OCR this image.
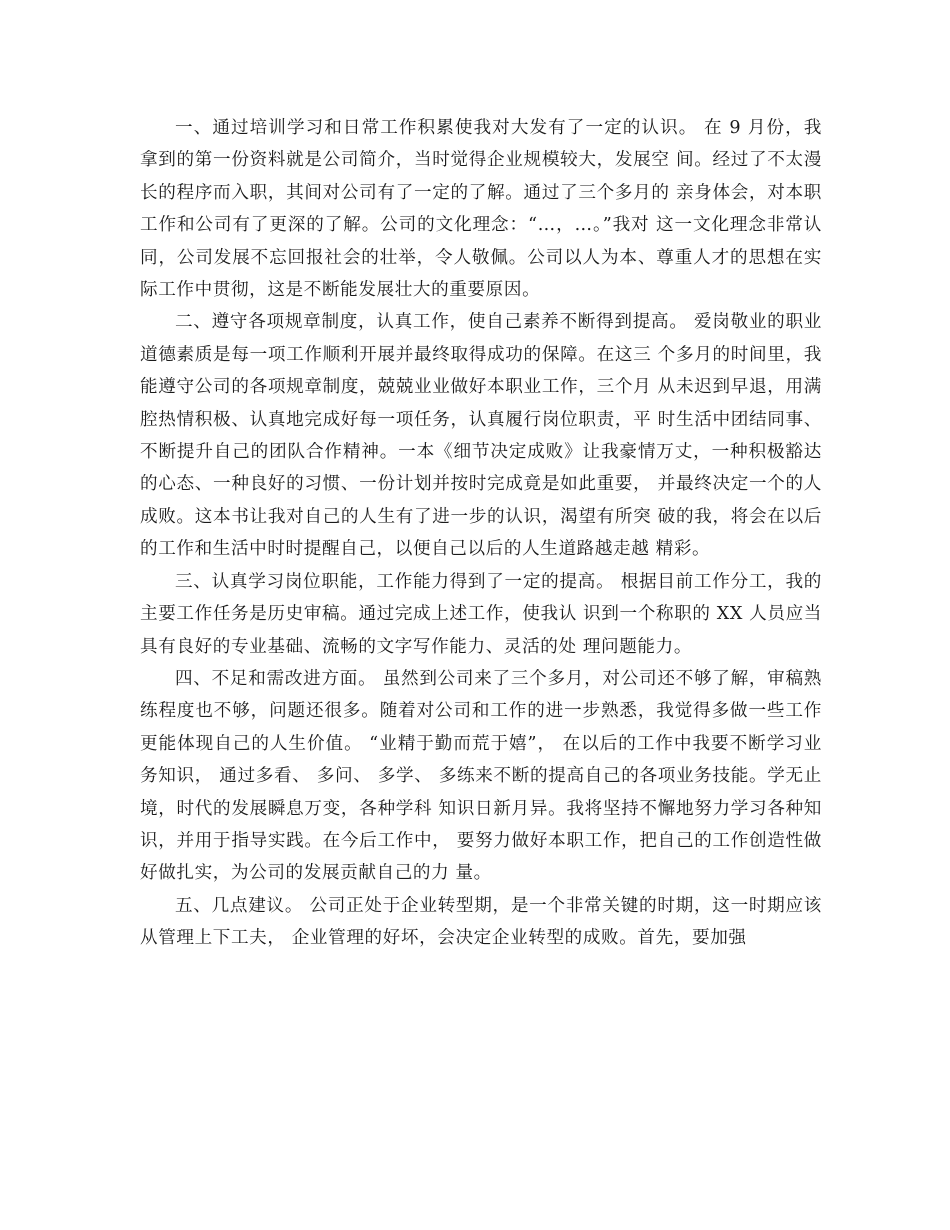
一、通过培训学习和日常工作积累使我对大发有了一定的认识。 在 9 月份，我拿到的第一份资料就是公司简介，当时觉得企业规模较大，发展空 间。经过了不太漫长的程序而入职，其间对公司有了一定的了解。通过了三个多月的 亲身体会，对本职工作和公司有了更深的了解。公司的文化理念：“…，…。”我对 这一文化理念非常认同，公司发展不忘回报社会的壮举，令人敬佩。公司以人为本、尊重人才的思想在实际工作中贯彻，这是不断能发展壮大的重要原因。

二、遵守各项规章制度，认真工作，使自己素养不断得到提高。 爱岗敬业的职业道德素质是每一项工作顺利开展并最终取得成功的保障。在这三 个多月的时间里，我能遵守公司的各项规章制度，兢兢业业做好本职业工作，三个月 从未迟到早退，用满腔热情积极、认真地完成好每一项任务，认真履行岗位职责，平 时生活中团结同事、不断提升自己的团队合作精神。一本《细节决定成败》让我豪情万丈，一种积极豁达的心态、一种良好的习惯、一份计划并按时完成竟是如此重要， 并最终决定一个的人成败。这本书让我对自己的人生有了进一步的认识，渴望有所突 破的我，将会在以后的工作和生活中时时提醒自己，以便自己以后的人生道路越走越 精彩。

三、认真学习岗位职能，工作能力得到了一定的提高。 根据目前工作分工，我的主要工作任务是历史审稿。通过完成上述工作，使我认 识到一个称职的 XX 人员应当具有良好的专业基础、流畅的文字写作能力、灵活的处 理问题能力。

四、不足和需改进方面。 虽然到公司来了三个多月，对公司还不够了解，审稿熟练程度也不够，问题还很多。随着对公司和工作的进一步熟悉，我觉得多做一些工作更能体现自己的人生价值。 “业精于勤而荒于嬉”， 在以后的工作中我要不断学习业务知识， 通过多看、 多问、 多学、 多练来不断的提高自己的各项业务技能。学无止境，时代的发展瞬息万变，各种学科 知识日新月异。我将坚持不懈地努力学习各种知识，并用于指导实践。在今后工作中， 要努力做好本职工作，把自己的工作创造性做好做扎实，为公司的发展贡献自己的力 量。

五、几点建议。 公司正处于企业转型期，是一个非常关键的时期，这一时期应该从管理上下工夫， 企业管理的好坏，会决定企业转型的成败。首先，要加强
